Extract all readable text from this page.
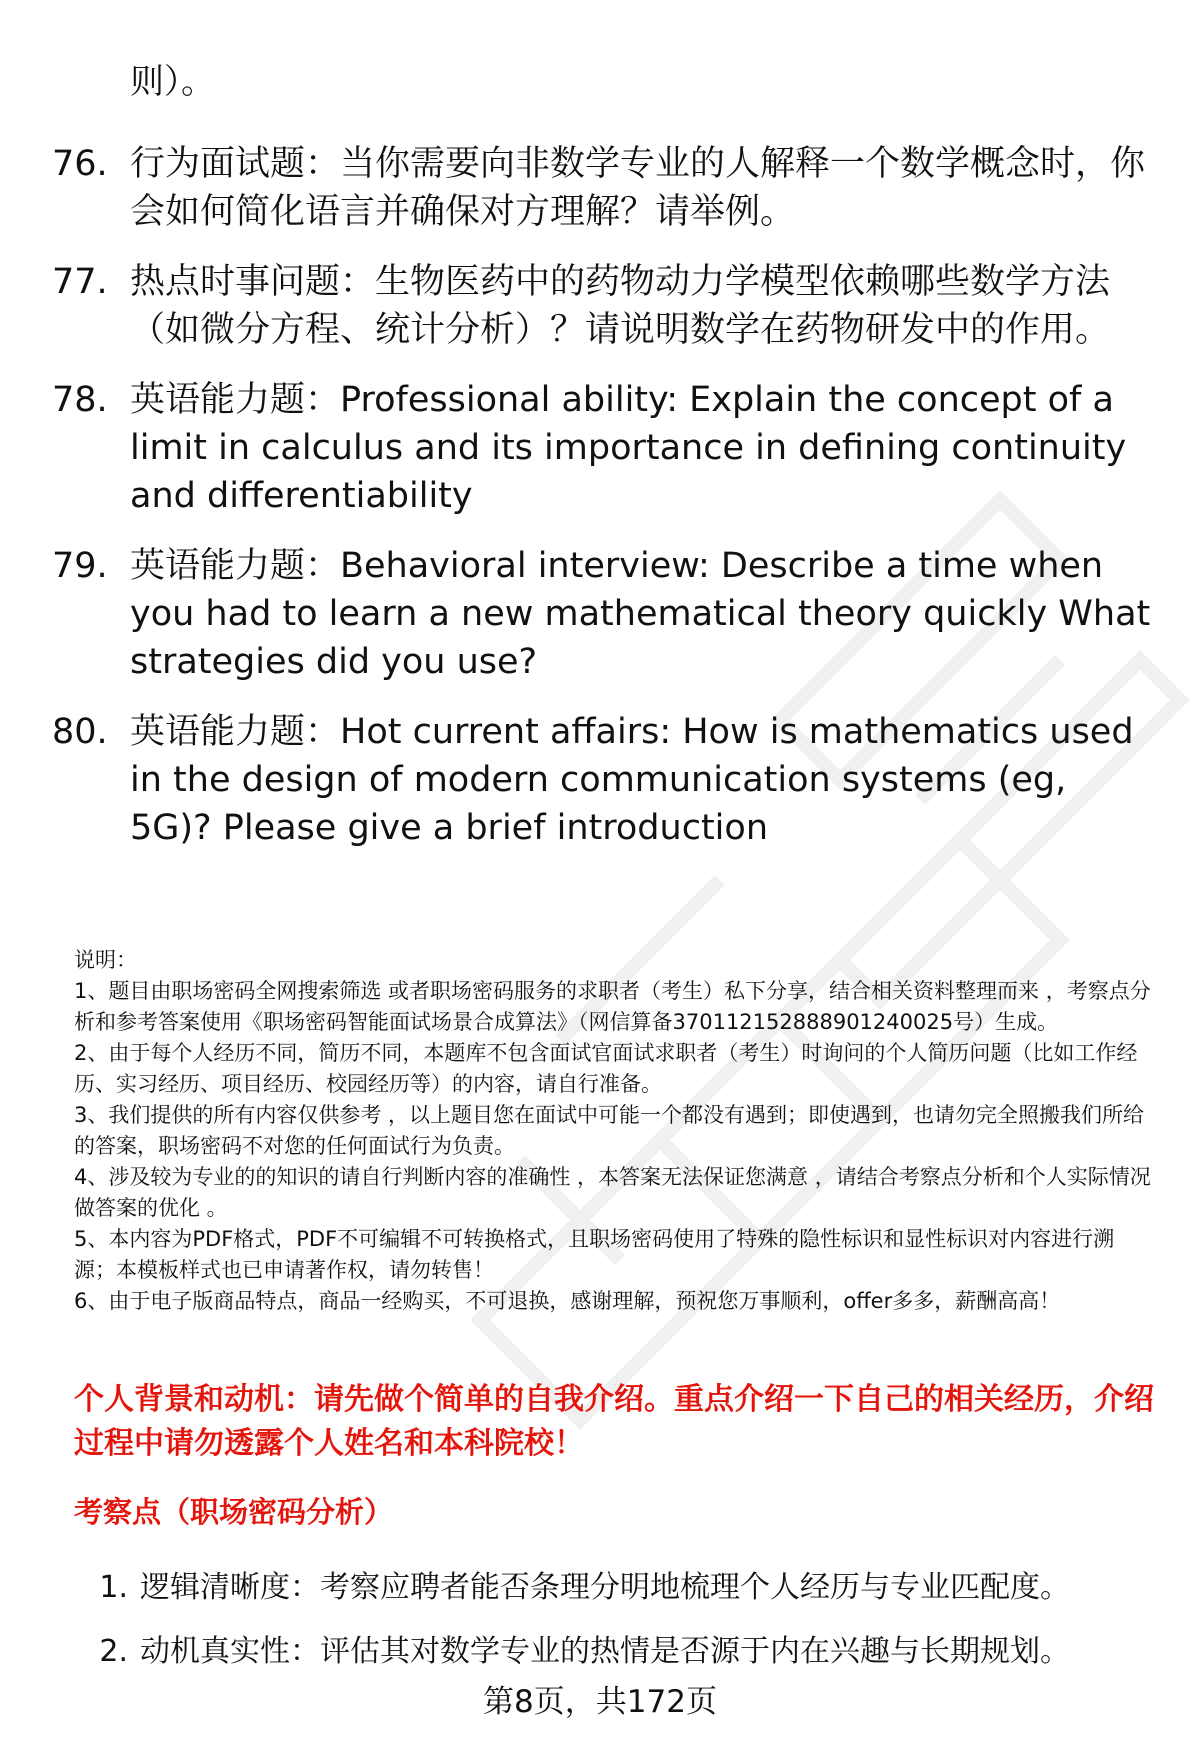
则）。
76. 行为面试题：当你需要向非数学专业的人解释一个数学概念时，你会如何简化语言并确保对方理解？请举例。
77. 热点时事问题：生物医药中的药物动力学模型依赖哪些数学方法（如微分方程、统计分析）？请说明数学在药物研发中的作用。
78. 英语能力题：Professional ability: Explain the concept of a limit in calculus and its importance in defining continuity and differentiability
79. 英语能力题：Behavioral interview: Describe a time when you had to learn a new mathematical theory quickly What strategies did you use?
80. 英语能力题：Hot current affairs: How is mathematics used in the design of modern communication systems (eg, 5G)? Please give a brief introduction

说明：

1、题目由职场密码全网搜索筛选 或者职场密码服务的求职者（考生）私下分享，结合相关资料整理而来 ，考察点分析和参考答案使用《职场密码智能面试场景合成算法》（网信算备370112152888901240025号）生成。

2、由于每个人经历不同，简历不同，本题库不包含面试官面试求职者（考生）时询问的个人简历问题（比如工作经历、实习经历、项目经历、校园经历等）的内容，请自行准备。

3、我们提供的所有内容仅供参考 ，以上题目您在面试中可能一个都没有遇到；即使遇到，也请勿完全照搬我们所给的答案，职场密码不对您的任何面试行为负责。

4、涉及较为专业的的知识的请自行判断内容的准确性 ，本答案无法保证您满意 ，请结合考察点分析和个人实际情况做答案的优化 。

5、本内容为PDF格式，PDF不可编辑不可转换格式，且职场密码使用了特殊的隐性标识和显性标识对内容进行溯源；本模板样式也已申请著作权，请勿转售！

6、由于电子版商品特点，商品一经购买，不可退换，感谢理解，预祝您万事顺利，offer多多，薪酬高高！

个人背景和动机：请先做个简单的自我介绍。重点介绍一下自己的相关经历，介绍过程中请勿透露个人姓名和本科院校！
考察点（职场密码分析）
1. 逻辑清晰度：考察应聘者能否条理分明地梳理个人经历与专业匹配度。
2. 动机真实性：评估其对数学专业的热情是否源于内在兴趣与长期规划。
第8页，共172页
